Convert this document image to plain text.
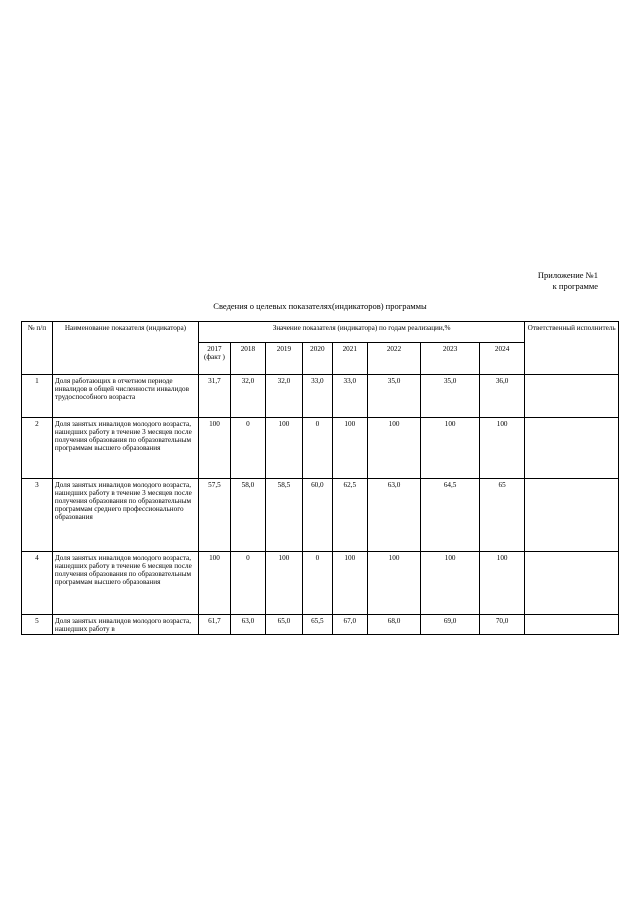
Приложение №1
к программе
Сведения о целевых показателях(индикаторов) программы
№ п/п	Наименование показателя (индикатора)	Значение показателя (индикатора) по годам реализации,%								Ответственный исполнитель
		2017 (факт )	2018	2019	2020	2021	2022	2023	2024	
1	Доля работающих в отчетном периоде инвалидов в общей численности инвалидов трудоспособного возраста	31,7	32,0	32,0	33,0	33,0	35,0	35,0	36,0	
2	Доля занятых инвалидов молодого возраста, нашедших работу в течение 3 месяцев после получения образования по образовательным программам высшего образования	100	0	100	0	100	100	100	100	
3	Доля занятых инвалидов молодого возраста, нашедших работу в течение 3 месяцев после получения образования по образовательным программам среднего профессионального образования	57,5	58,0	58,5	60,0	62,5	63,0	64,5	65	
4	Доля занятых инвалидов молодого возраста, нашедших работу в течение 6 месяцев после получения образования по образовательным программам высшего образования	100	0	100	0	100	100	100	100	
5	Доля занятых инвалидов молодого возраста, нашедших работу в	61,7	63,0	65,0	65,5	67,0	68,0	69,0	70,0	
